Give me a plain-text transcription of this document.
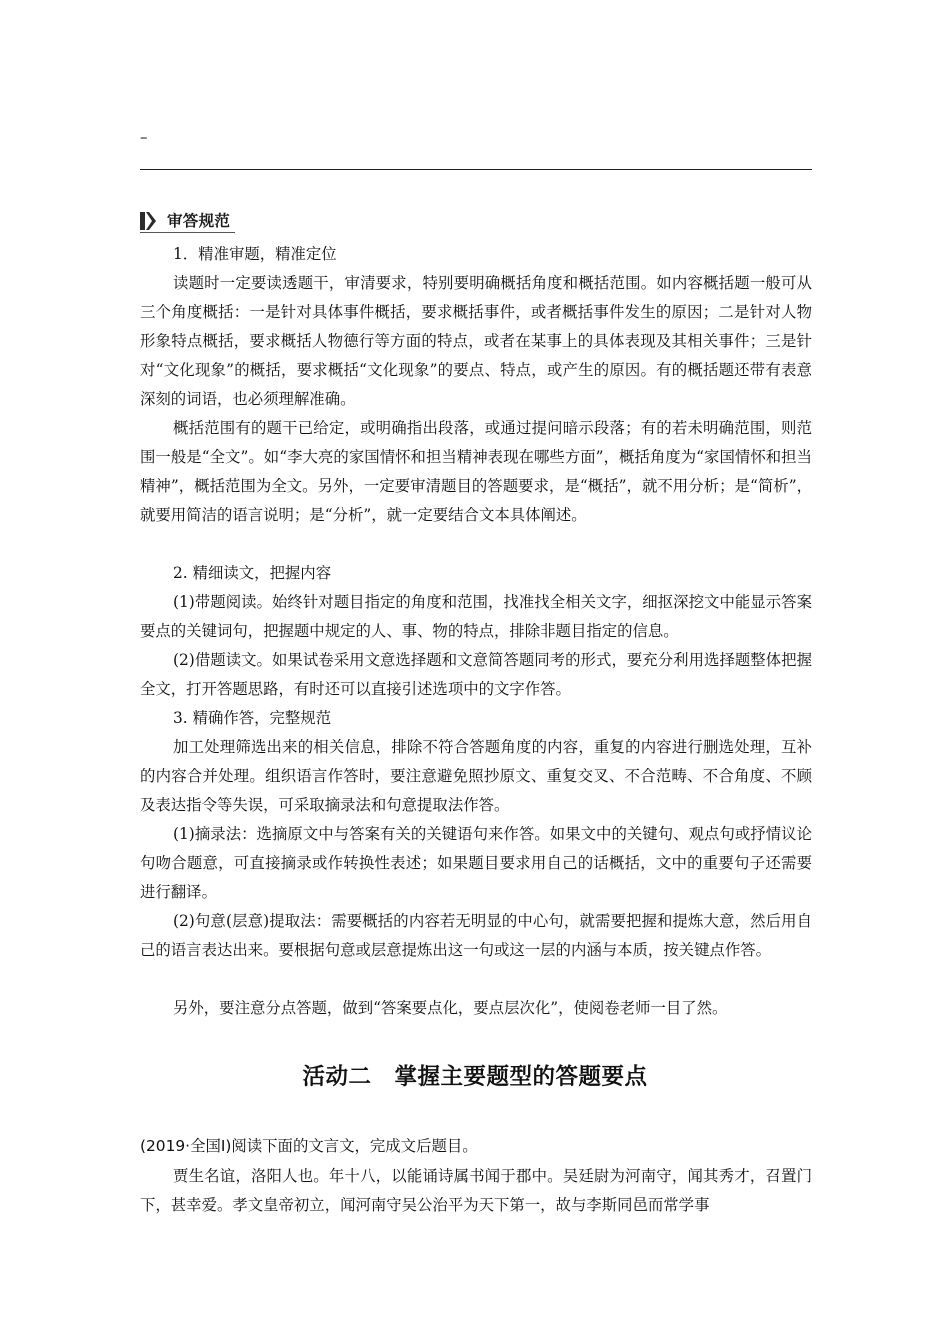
–
审答规范
1．精准审题，精准定位
读题时一定要读透题干，审清要求，特别要明确概括角度和概括范围。如内容概括题一般可从三个角度概括：一是针对具体事件概括，要求概括事件，或者概括事件发生的原因；二是针对人物形象特点概括，要求概括人物德行等方面的特点，或者在某事上的具体表现及其相关事件；三是针对“文化现象”的概括，要求概括“文化现象”的要点、特点，或产生的原因。有的概括题还带有表意深刻的词语，也必须理解准确。
概括范围有的题干已给定，或明确指出段落，或通过提问暗示段落；有的若未明确范围，则范围一般是“全文”。如“李大亮的家国情怀和担当精神表现在哪些方面”，概括角度为“家国情怀和担当精神”，概括范围为全文。另外，一定要审清题目的答题要求，是“概括”，就不用分析；是“简析”，就要用简洁的语言说明；是“分析”，就一定要结合文本具体阐述。
2. 精细读文，把握内容
(1)带题阅读。始终针对题目指定的角度和范围，找准找全相关文字，细抠深挖文中能显示答案要点的关键词句，把握题中规定的人、事、物的特点，排除非题目指定的信息。
(2)借题读文。如果试卷采用文意选择题和文意简答题同考的形式，要充分利用选择题整体把握全文，打开答题思路，有时还可以直接引述选项中的文字作答。
3. 精确作答，完整规范
加工处理筛选出来的相关信息，排除不符合答题角度的内容，重复的内容进行删选处理，互补的内容合并处理。组织语言作答时，要注意避免照抄原文、重复交叉、不合范畴、不合角度、不顾及表达指令等失误，可采取摘录法和句意提取法作答。
(1)摘录法：选摘原文中与答案有关的关键语句来作答。如果文中的关键句、观点句或抒情议论句吻合题意，可直接摘录或作转换性表述；如果题目要求用自己的话概括，文中的重要句子还需要进行翻译。
(2)句意(层意)提取法：需要概括的内容若无明显的中心句，就需要把握和提炼大意，然后用自己的语言表达出来。要根据句意或层意提炼出这一句或这一层的内涵与本质，按关键点作答。
另外，要注意分点答题，做到“答案要点化，要点层次化”，使阅卷老师一目了然。
活动二　掌握主要题型的答题要点
(2019·全国Ⅰ)阅读下面的文言文，完成文后题目。
贾生名谊，洛阳人也。年十八，以能诵诗属书闻于郡中。吴廷尉为河南守，闻其秀才，召置门下，甚幸爱。孝文皇帝初立，闻河南守吴公治平为天下第一，故与李斯同邑而常学事
